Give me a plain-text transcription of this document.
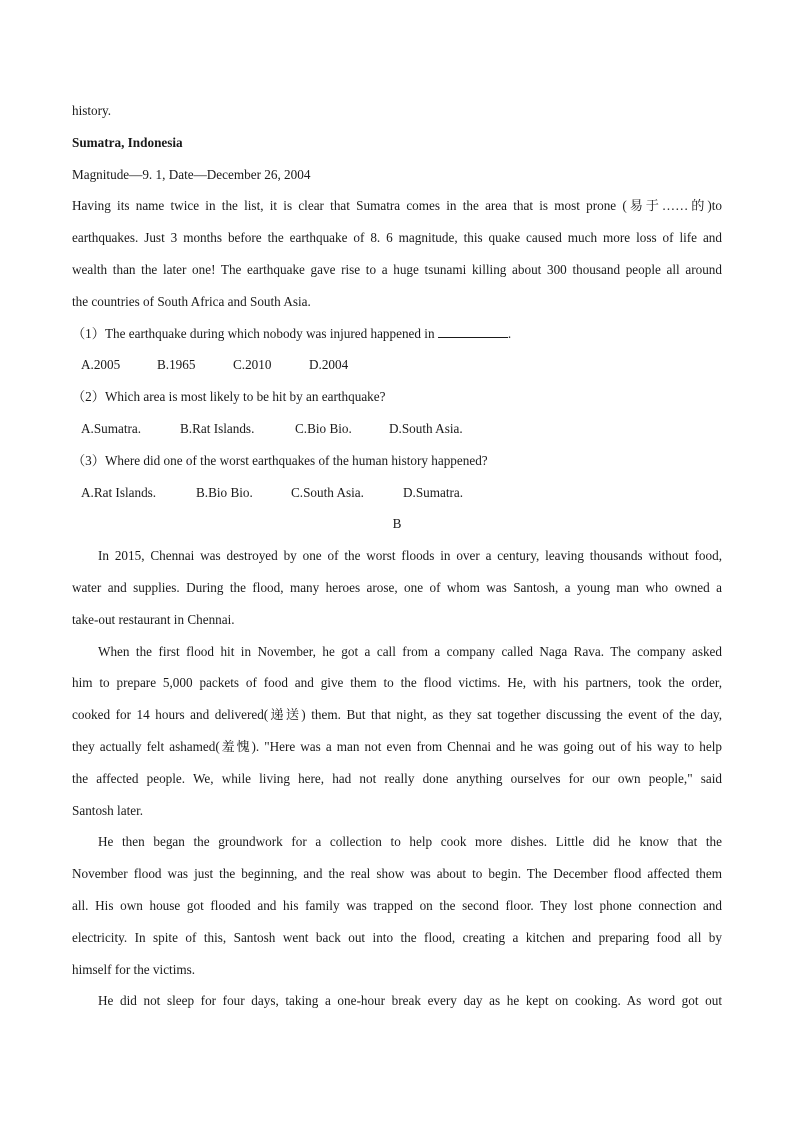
history.
Sumatra, Indonesia
Magnitude—9. 1, Date—December 26, 2004
Having its name twice in the list, it is clear that Sumatra comes in the area that is most prone (易于……的)to
earthquakes. Just 3 months before the earthquake of 8. 6 magnitude, this quake caused much more loss of life and
wealth than the later one! The earthquake gave rise to a huge tsunami killing about 300 thousand people all around
the countries of South Africa and South Asia.
（1）The earthquake during which nobody was injured happened in	.
A.2005	B.1965	C.2010	D.2004
（2）Which area is most likely to be hit by an earthquake?
A.Sumatra.	B.Rat Islands.	C.Bio Bio.	D.South Asia.
（3）Where did one of the worst earthquakes of the human history happened?
A.Rat Islands.	B.Bio Bio.	C.South Asia.	D.Sumatra.
B
In 2015, Chennai was destroyed by one of the worst floods in over a century, leaving thousands without food,
water and supplies. During the flood, many heroes arose, one of whom was Santosh, a young man who owned a
take-out restaurant in Chennai.
When the first flood hit in November, he got a call from a company called Naga Rava. The company asked
him to prepare 5,000 packets of food and give them to the flood victims. He, with his partners, took the order,
cooked for 14 hours and delivered(递送) them. But that night, as they sat together discussing the event of the day,
they actually felt ashamed(羞愧). "Here was a man not even from Chennai and he was going out of his way to help
the affected people. We, while living here, had not really done anything ourselves for our own people," said
Santosh later.
He then began the groundwork for a collection to help cook more dishes. Little did he know that the
November flood was just the beginning, and the real show was about to begin. The December flood affected them
all. His own house got flooded and his family was trapped on the second floor. They lost phone connection and
electricity. In spite of this, Santosh went back out into the flood, creating a kitchen and preparing food all by
himself for the victims.
He did not sleep for four days, taking a one-hour break every day as he kept on cooking. As word got out
